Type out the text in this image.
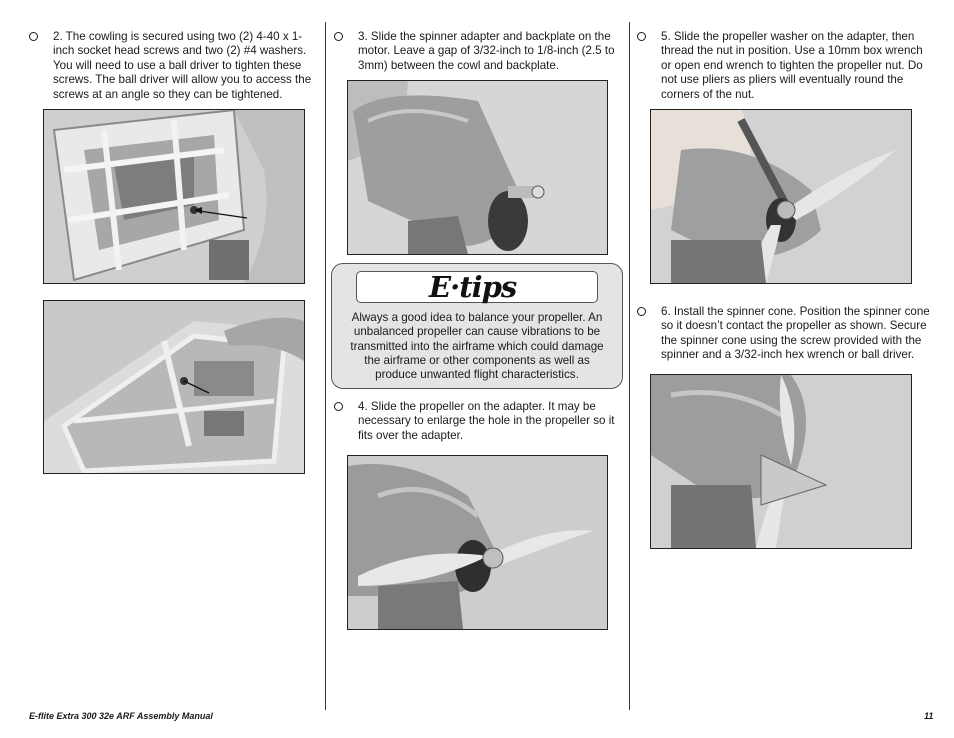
2. The cowling is secured using two (2) 4-40 x 1-inch socket head screws and two (2) #4 washers. You will need to use a ball driver to tighten these screws. The ball driver will allow you to access the screws at an angle so they can be tightened.
3. Slide the spinner adapter and backplate on the motor. Leave a gap of 3/32-inch to 1/8-inch (2.5 to 3mm) between the cowl and backplate.
E·tips
Always a good idea to balance your propeller. An unbalanced propeller can cause vibrations to be transmitted into the airframe which could damage the airframe or other components as well as produce unwanted flight characteristics.
4. Slide the propeller on the adapter. It may be necessary to enlarge the hole in the propeller so it fits over the adapter.
5. Slide the propeller washer on the adapter, then thread the nut in position. Use a 10mm box wrench or open end wrench to tighten the propeller nut. Do not use pliers as pliers will eventually round the corners of the nut.
6. Install the spinner cone. Position the spinner cone so it doesn’t contact the propeller as shown. Secure the spinner cone using the screw provided with the spinner and a 3/32-inch hex wrench or ball driver.
E-flite Extra 300 32e ARF Assembly Manual	11
